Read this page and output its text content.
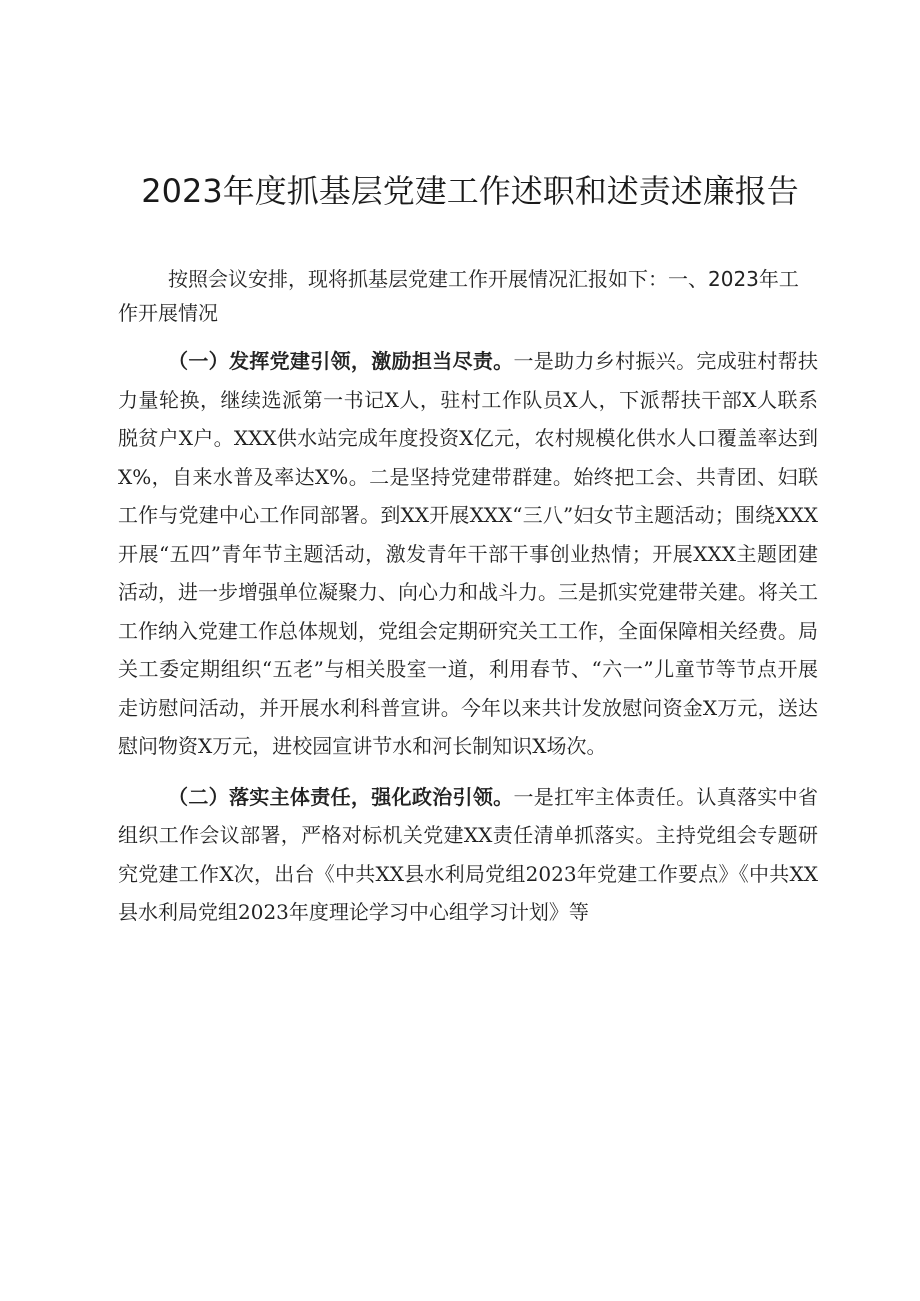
2023年度抓基层党建工作述职和述责述廉报告

按照会议安排，现将抓基层党建工作开展情况汇报如下：一、2023年工作开展情况

（一）发挥党建引领，激励担当尽责。一是助力乡村振兴。完成驻村帮扶力量轮换，继续选派第一书记X人，驻村工作队员X人，下派帮扶干部X人联系脱贫户X户。XXX供水站完成年度投资X亿元，农村规模化供水人口覆盖率达到X%，自来水普及率达X%。二是坚持党建带群建。始终把工会、共青团、妇联工作与党建中心工作同部署。到XX开展XXX“三八”妇女节主题活动；围绕XXX开展“五四”青年节主题活动，激发青年干部干事创业热情；开展XXX主题团建活动，进一步增强单位凝聚力、向心力和战斗力。三是抓实党建带关建。将关工工作纳入党建工作总体规划，党组会定期研究关工工作，全面保障相关经费。局关工委定期组织“五老”与相关股室一道，利用春节、“六一”儿童节等节点开展走访慰问活动，并开展水利科普宣讲。今年以来共计发放慰问资金X万元，送达慰问物资X万元，进校园宣讲节水和河长制知识X场次。

（二）落实主体责任，强化政治引领。一是扛牢主体责任。认真落实中省组织工作会议部署，严格对标机关党建XX责任清单抓落实。主持党组会专题研究党建工作X次，出台《中共XX县水利局党组2023年党建工作要点》《中共XX县水利局党组2023年度理论学习中心组学习计划》等
